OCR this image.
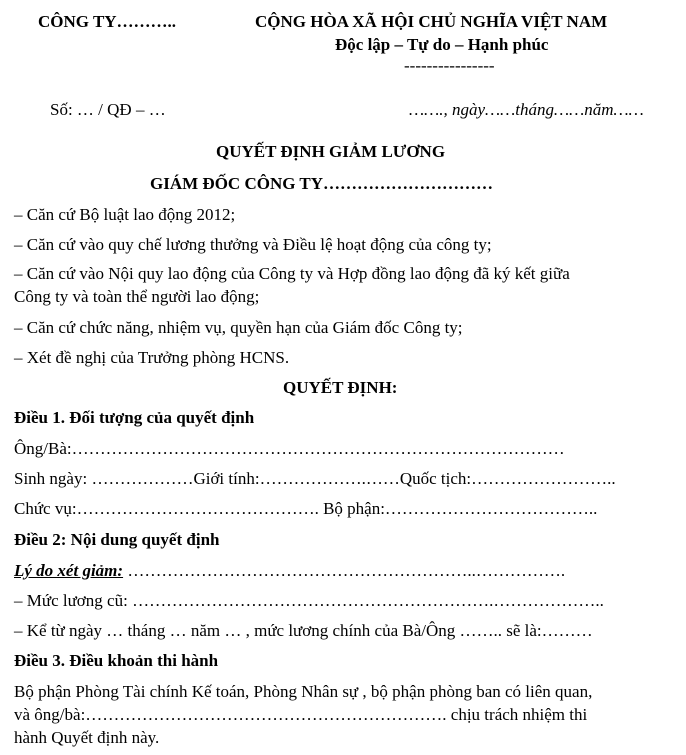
CÔNG TY………..	CỘNG HÒA XÃ HỘI CHỦ NGHĨA VIỆT NAM
Độc lập – Tự do – Hạnh phúc
----------------
Số: … / QĐ – …	……., ngày……tháng……năm……
QUYẾT ĐỊNH GIẢM LƯƠNG
GIÁM ĐỐC CÔNG TY…………………………
– Căn cứ Bộ luật lao động 2012;
– Căn cứ vào quy chế lương thưởng và Điều lệ hoạt động của công ty;
– Căn cứ vào Nội quy lao động của Công ty và Hợp đồng lao động đã ký kết giữa
Công ty và toàn thể người lao động;
– Căn cứ chức năng, nhiệm vụ, quyền hạn của Giám đốc Công ty;
– Xét đề nghị của Trưởng phòng HCNS.
QUYẾT ĐỊNH:
Điều 1. Đối tượng của quyết định
Ông/Bà:……………………………………………………………………………
Sinh ngày: ………………Giới tính:……………….……Quốc tịch:……………………..
Chức vụ:……………………………………. Bộ phận:………………………………..
Điều 2: Nội dung quyết định
Lý do xét giảm: ……………………………………………………..…………….
– Mức lương cũ: ……………………………………………………….………………..
– Kể từ ngày … tháng … năm … , mức lương chính của Bà/Ông …….. sẽ là:………
Điều 3. Điều khoản thi hành
Bộ phận Phòng Tài chính Kế toán, Phòng Nhân sự , bộ phận phòng ban có liên quan,
và ông/bà:………………………………………………………. chịu trách nhiệm thi
hành Quyết định này.
